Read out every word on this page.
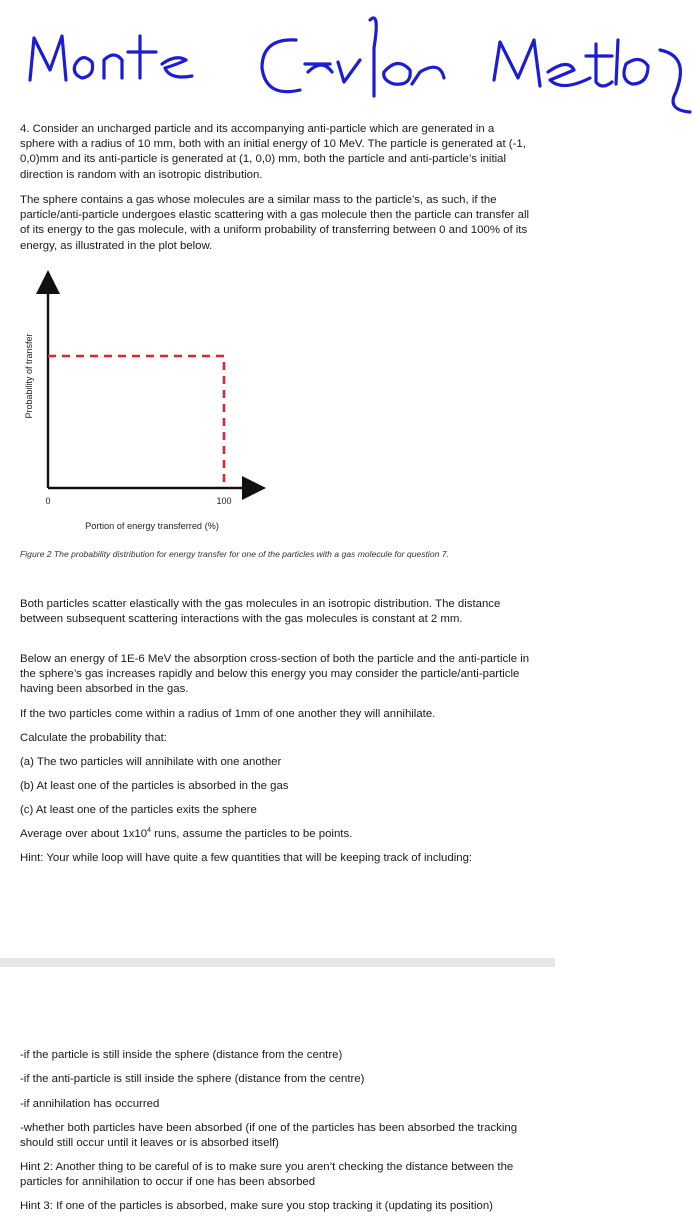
Monte Carlo Method

4. Consider an uncharged particle and its accompanying anti-particle which are generated in a sphere with a radius of 10 mm, both with an initial energy of 10 MeV. The particle is generated at (-1, 0,0)mm and its anti-particle is generated at (1, 0,0) mm, both the particle and anti-particle’s initial direction is random with an isotropic distribution.

The sphere contains a gas whose molecules are a similar mass to the particle’s, as such, if the particle/anti-particle undergoes elastic scattering with a gas molecule then the particle can transfer all of its energy to the gas molecule, with a uniform probability of transferring between 0 and 100% of its energy, as illustrated in the plot below.

0	100
Portion of energy transferred (%)
Probability of transfer
Figure 2 The probability distribution for energy transfer for one of the particles with a gas molecule for question 7.

Both particles scatter elastically with the gas molecules in an isotropic distribution. The distance between subsequent scattering interactions with the gas molecules is constant at 2 mm.

Below an energy of 1E-6 MeV the absorption cross-section of both the particle and the anti-particle in the sphere’s gas increases rapidly and below this energy you may consider the particle/anti-particle having been absorbed in the gas.

If the two particles come within a radius of 1mm of one another they will annihilate.

Calculate the probability that:

(a) The two particles will annihilate with one another

(b) At least one of the particles is absorbed in the gas

(c) At least one of the particles exits the sphere

Average over about $1x10^4$ runs, assume the particles to be points.

Hint: Your while loop will have quite a few quantities that will be keeping track of including:

-if the particle is still inside the sphere (distance from the centre)

-if the anti-particle is still inside the sphere (distance from the centre)

-if annihilation has occurred

-whether both particles have been absorbed (if one of the particles has been absorbed the tracking should still occur until it leaves or is absorbed itself)

Hint 2: Another thing to be careful of is to make sure you aren’t checking the distance between the particles for annihilation to occur if one has been absorbed

Hint 3: If one of the particles is absorbed, make sure you stop tracking it (updating its position)
